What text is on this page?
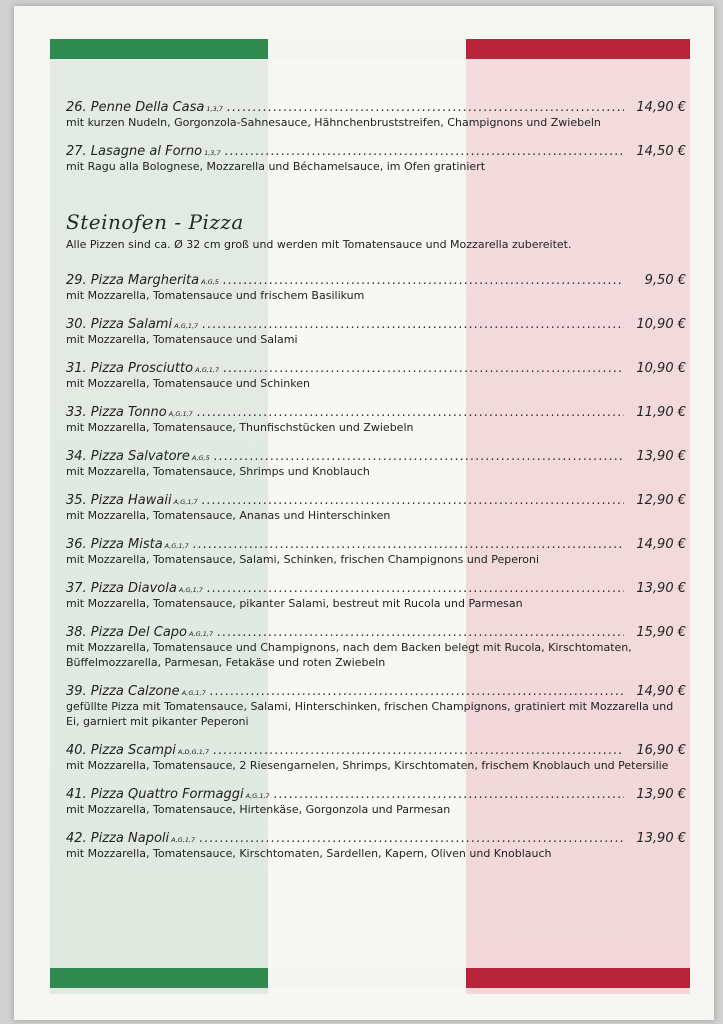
26. Penne Della Casa 1,3,7 .....	14,90 €
mit kurzen Nudeln, Gorgonzola-Sahnesauce, Hähnchenbruststreifen, Champignons und Zwiebeln
27. Lasagne al Forno 1,3,7 .....	14,50 €
mit Ragu alla Bolognese, Mozzarella und Béchamelsauce, im Ofen gratiniert
Steinofen - Pizza
Alle Pizzen sind ca. Ø 32 cm groß und werden mit Tomatensauce und Mozzarella zubereitet.
29. Pizza Margherita A,G,5 .....	9,50 €
mit Mozzarella, Tomatensauce und frischem Basilikum
30. Pizza Salami A,G,1,7 .....	10,90 €
mit Mozzarella, Tomatensauce und Salami
31. Pizza Prosciutto A,G,1,7 .....	10,90 €
mit Mozzarella, Tomatensauce und Schinken
33. Pizza Tonno A,G,1,7 .....	11,90 €
mit Mozzarella, Tomatensauce, Thunfischstücken und Zwiebeln
34. Pizza Salvatore A,G,5 .....	13,90 €
mit Mozzarella, Tomatensauce, Shrimps und Knoblauch
35. Pizza Hawaii A,G,1,7 .....	12,90 €
mit Mozzarella, Tomatensauce, Ananas und Hinterschinken
36. Pizza Mista A,G,1,7 .....	14,90 €
mit Mozzarella, Tomatensauce, Salami, Schinken, frischen Champignons und Peperoni
37. Pizza Diavola A,G,1,7 .....	13,90 €
mit Mozzarella, Tomatensauce, pikanter Salami, bestreut mit Rucola und Parmesan
38. Pizza Del Capo A,G,1,7 .....	15,90 €
mit Mozzarella, Tomatensauce und Champignons, nach dem Backen belegt mit Rucola, Kirschtomaten, Büffelmozzarella, Parmesan, Fetakäse und roten Zwiebeln
39. Pizza Calzone A,G,1,7 .....	14,90 €
gefüllte Pizza mit Tomatensauce, Salami, Hinterschinken, frischen Champignons, gratiniert mit Mozzarella und Ei, garniert mit pikanter Peperoni
40. Pizza Scampi A,D,G,1,7 .....	16,90 €
mit Mozzarella, Tomatensauce, 2 Riesengarnelen, Shrimps, Kirschtomaten, frischem Knoblauch und Petersilie
41. Pizza Quattro Formaggi A,G,1,7 .....	13,90 €
mit Mozzarella, Tomatensauce, Hirtenkäse, Gorgonzola und Parmesan
42. Pizza Napoli A,G,1,7 .....	13,90 €
mit Mozzarella, Tomatensauce, Kirschtomaten, Sardellen, Kapern, Oliven und Knoblauch
